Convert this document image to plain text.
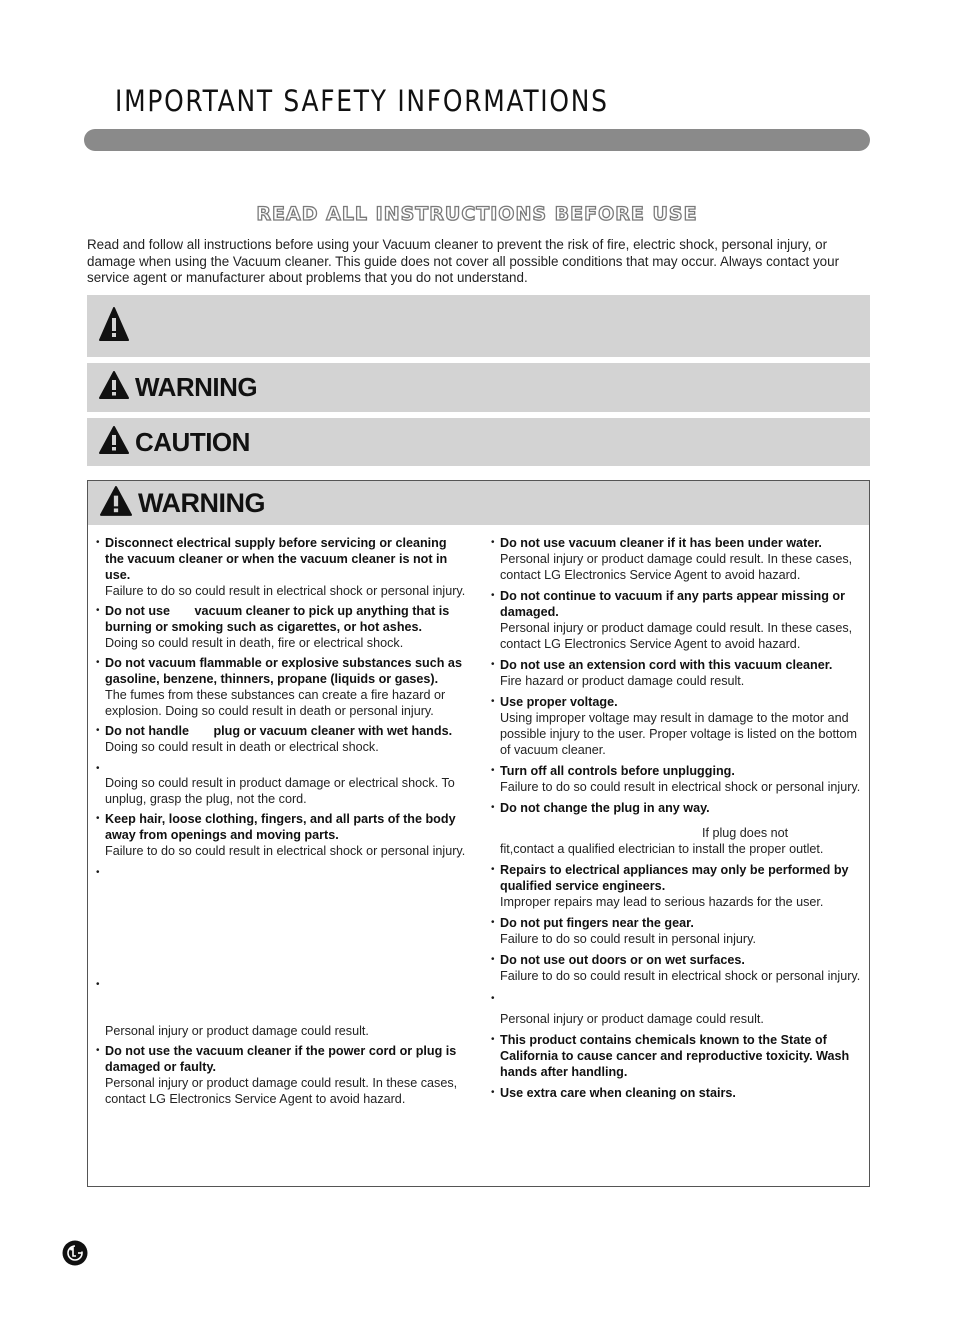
IMPORTANT SAFETY INFORMATIONS
READ ALL INSTRUCTIONS BEFORE USE
Read and follow all instructions before using your Vacuum cleaner to prevent the risk of fire, electric shock, personal injury, or damage when using the Vacuum cleaner. This guide does not cover all possible conditions that may occur. Always contact your service agent or manufacturer about problems that you do not understand.
WARNING
CAUTION
WARNING
• Disconnect electrical supply before servicing or cleaning the vacuum cleaner or when the vacuum cleaner is not in use.
Failure to do so could result in electrical shock or personal injury.
• Do not use       vacuum cleaner to pick up anything that is burning or smoking such as cigarettes, or hot ashes.
Doing so could result in death, fire or electrical shock.
• Do not vacuum flammable or explosive substances such as gasoline, benzene, thinners, propane (liquids or gases).
The fumes from these substances can create a fire hazard or explosion. Doing so could result in death or personal injury.
• Do not handle       plug or vacuum cleaner with wet hands.
Doing so could result in death or electrical shock.
•
Doing so could result in product damage or electrical shock. To unplug, grasp the plug, not the cord.
• Keep hair, loose clothing, fingers, and all parts of the body away from openings and moving parts.
Failure to do so could result in electrical shock or personal injury.
•
•
Personal injury or product damage could result.
• Do not use the vacuum cleaner if the power cord or plug is damaged or faulty.
Personal injury or product damage could result. In these cases, contact LG Electronics Service Agent to avoid hazard.
• Do not use vacuum cleaner if it has been under water.
Personal injury or product damage could result. In these cases, contact LG Electronics Service Agent to avoid hazard.
• Do not continue to vacuum if any parts appear missing or damaged.
Personal injury or product damage could result. In these cases, contact LG Electronics Service Agent to avoid hazard.
• Do not use an extension cord with this vacuum cleaner.
Fire hazard or product damage could result.
• Use proper voltage.
Using improper voltage may result in damage to the motor and possible injury to the user. Proper voltage is listed on the bottom of vacuum cleaner.
• Turn off all controls before unplugging.
Failure to do so could result in electrical shock or personal injury.
• Do not change the plug in any way.
If plug does not fit,contact a qualified electrician to install the proper outlet.
• Repairs to electrical appliances may only be performed by qualified service engineers.
Improper repairs may lead to serious hazards for the user.
• Do not put fingers near the gear.
Failure to do so could result in personal injury.
• Do not use out doors or on wet surfaces.
Failure to do so could result in electrical shock or personal injury.
•
Personal injury or product damage could result.
• This product contains chemicals known to the State of California to cause cancer and reproductive toxicity. Wash hands after handling.
• Use extra care when cleaning on stairs.
